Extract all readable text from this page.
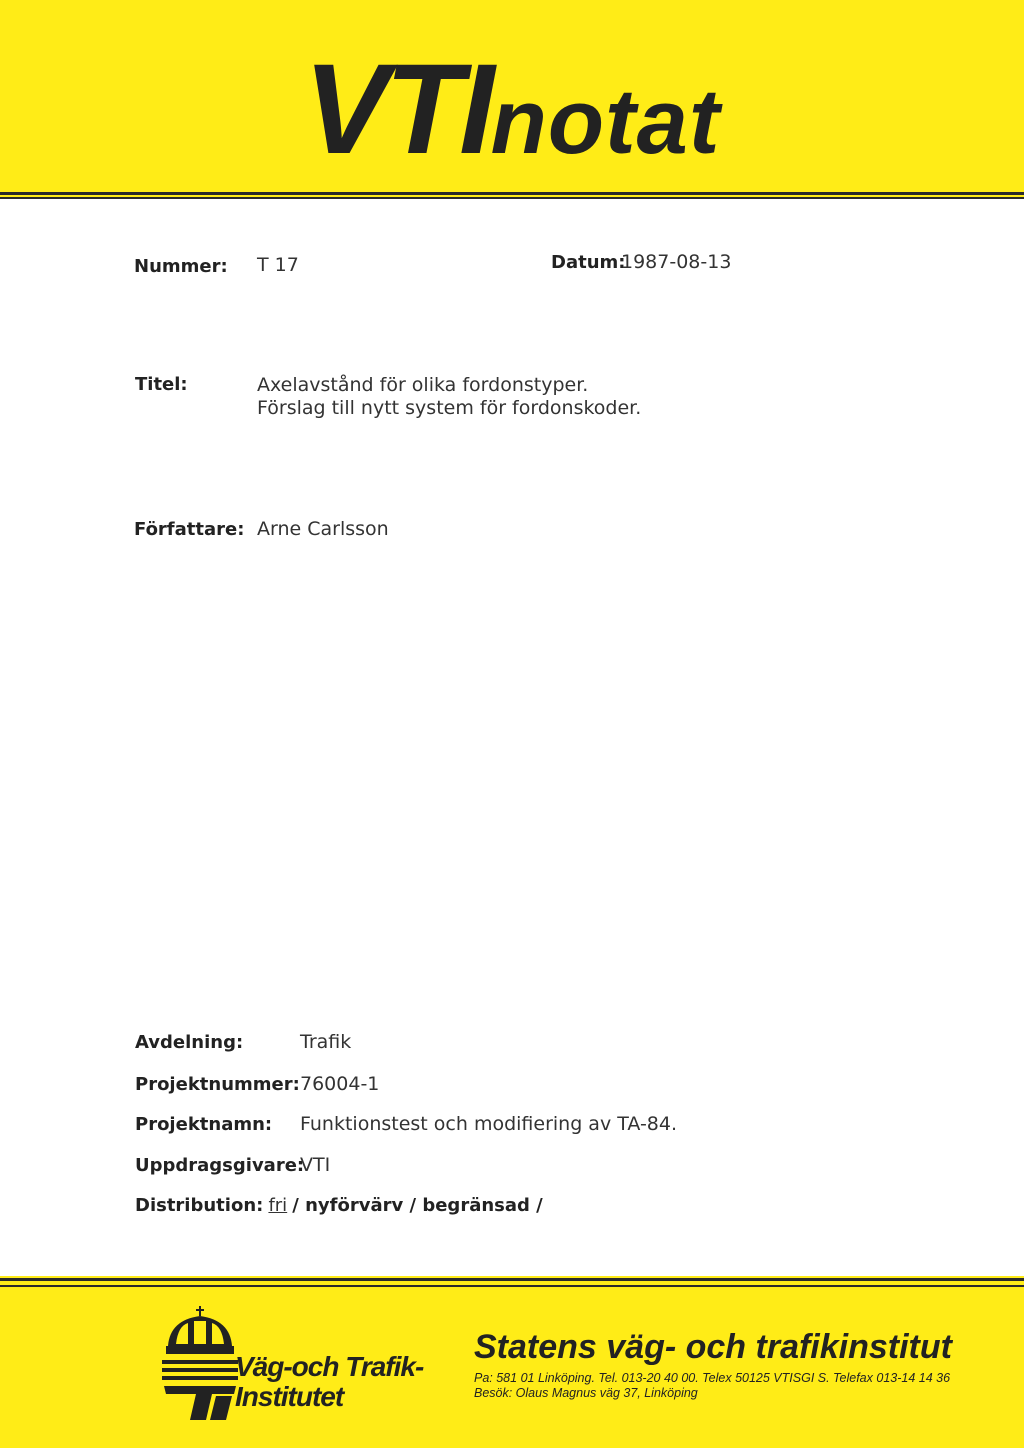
VTInotat
Nummer: T 17	Datum:
1987-08-13
Titel:	Axelavstånd för olika fordonstyper.
Förslag till nytt system för fordonskoder.
Författare: Arne Carlsson
Avdelning:	Trafik
Projektnummer: 76004-1
Projektnamn: Funktionstest och modifiering av TA-84.
Uppdragsgivare:
VTI
Distribution: fri / nyförvärv / begränsad /
Väg-och Trafik-
Institutet
Statens väg- och trafikinstitut
Pa: 581 01 Linköping. Tel. 013-20 40 00. Telex 50125 VTISGI S. Telefax 013-14 14 36
Besök: Olaus Magnus väg 37, Linköping
